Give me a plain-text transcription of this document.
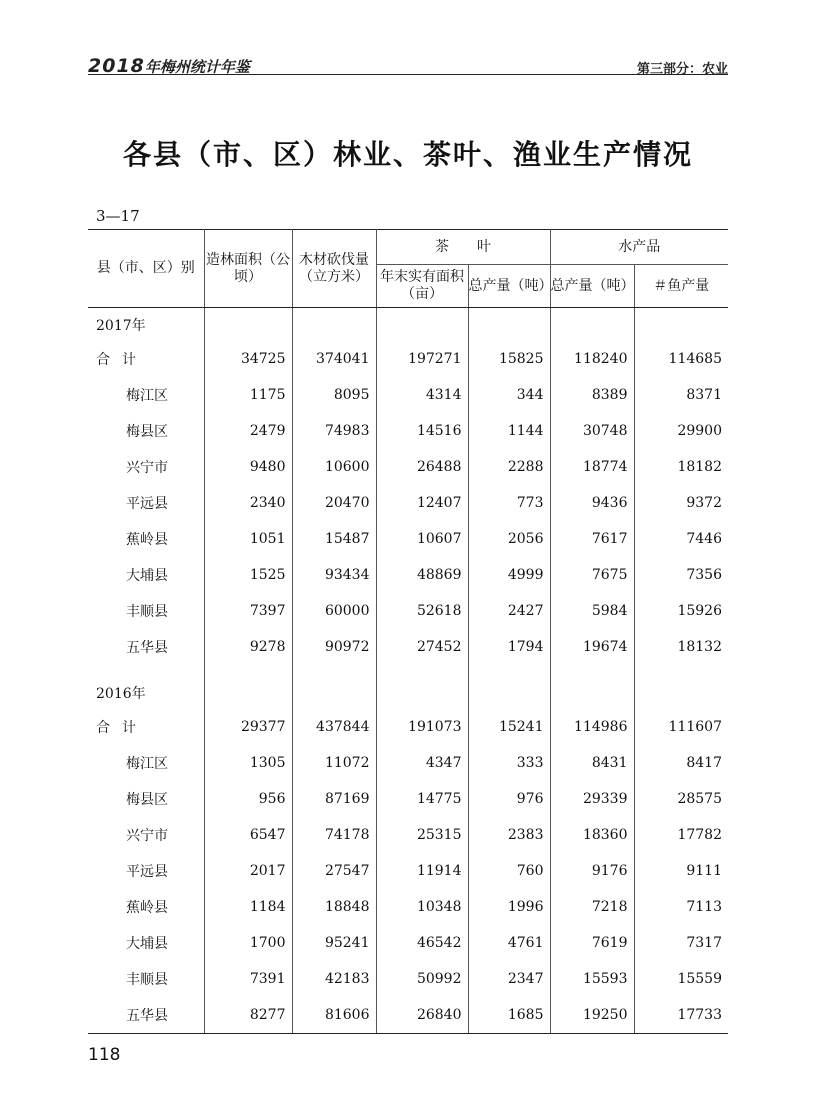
2018年梅州统计年鉴	第三部分：农业
各县（市、区）林业、茶叶、渔业生产情况
3—17
县（市、区）别	造林面积（公顷）	木材砍伐量（立方米）	茶　　叶		水产品	
			年末实有面积（亩）	总产量（吨）	总产量（吨）	＃鱼产量
2017年						
合计	34725	374041	197271	15825	118240	114685
梅江区	1175	8095	4314	344	8389	8371
梅县区	2479	74983	14516	1144	30748	29900
兴宁市	9480	10600	26488	2288	18774	18182
平远县	2340	20470	12407	773	9436	9372
蕉岭县	1051	15487	10607	2056	7617	7446
大埔县	1525	93434	48869	4999	7675	7356
丰顺县	7397	60000	52618	2427	5984	15926
五华县	9278	90972	27452	1794	19674	18132

2016年						
合计	29377	437844	191073	15241	114986	111607
梅江区	1305	11072	4347	333	8431	8417
梅县区	956	87169	14775	976	29339	28575
兴宁市	6547	74178	25315	2383	18360	17782
平远县	2017	27547	11914	760	9176	9111
蕉岭县	1184	18848	10348	1996	7218	7113
大埔县	1700	95241	46542	4761	7619	7317
丰顺县	7391	42183	50992	2347	15593	15559
五华县	8277	81606	26840	1685	19250	17733
118
